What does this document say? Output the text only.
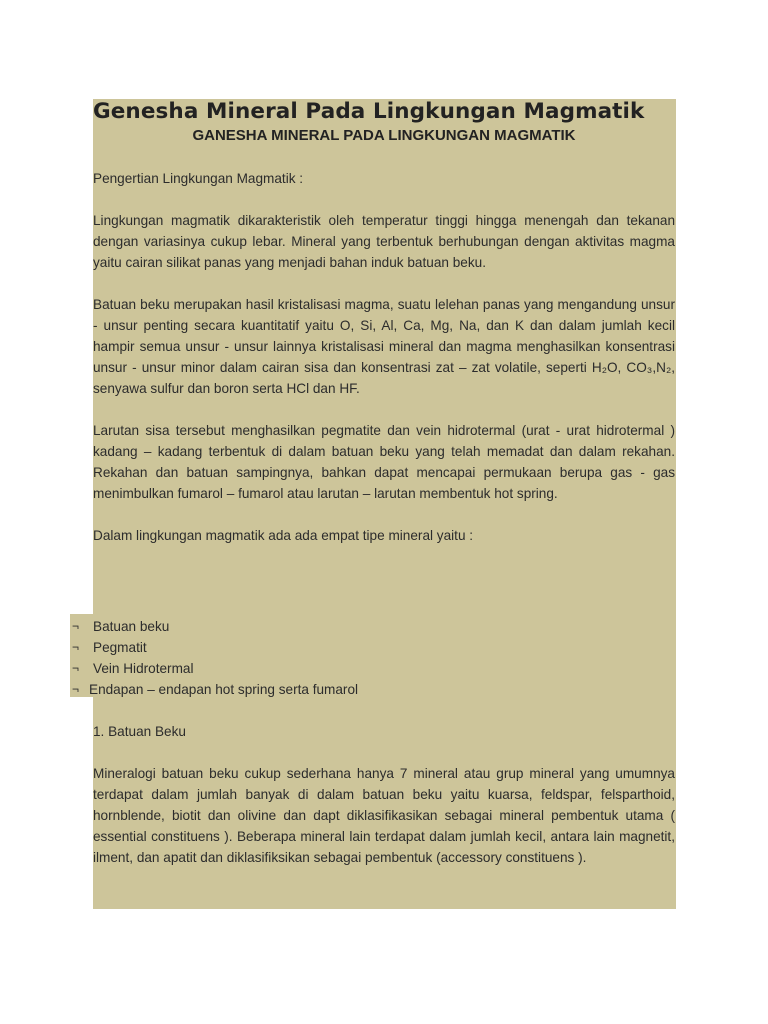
Genesha Mineral Pada Lingkungan Magmatik
GANESHA MINERAL PADA LINGKUNGAN MAGMATIK

Pengertian Lingkungan Magmatik :

Lingkungan magmatik dikarakteristik oleh temperatur tinggi hingga menengah dan tekanan dengan variasinya cukup lebar. Mineral yang terbentuk berhubungan dengan aktivitas magma yaitu cairan silikat panas yang menjadi bahan induk batuan beku.

Batuan beku merupakan hasil kristalisasi magma, suatu lelehan panas yang mengandung unsur - unsur penting secara kuantitatif yaitu O, Si, Al, Ca, Mg, Na, dan K dan dalam jumlah kecil hampir semua unsur - unsur lainnya kristalisasi mineral dan magma menghasilkan konsentrasi unsur - unsur minor dalam cairan sisa dan konsentrasi zat – zat volatile, seperti H₂O, CO₃,N₂, senyawa sulfur dan boron serta HCl dan HF.

Larutan sisa tersebut menghasilkan pegmatite dan vein hidrotermal (urat - urat hidrotermal ) kadang – kadang terbentuk di dalam batuan beku yang telah memadat dan dalam rekahan. Rekahan dan batuan sampingnya, bahkan dapat mencapai permukaan berupa gas - gas menimbulkan fumarol – fumarol atau larutan – larutan membentuk hot spring.

Dalam lingkungan magmatik ada ada empat tipe mineral yaitu :

¬ Batuan beku
¬ Pegmatit
¬ Vein Hidrotermal
¬ Endapan – endapan hot spring serta fumarol

1. Batuan Beku

Mineralogi batuan beku cukup sederhana hanya 7 mineral atau grup mineral yang umumnya terdapat dalam jumlah banyak di dalam batuan beku yaitu kuarsa, feldspar, felsparthoid, hornblende, biotit dan olivine dan dapt diklasifikasikan sebagai mineral pembentuk utama ( essential constituens ). Beberapa mineral lain terdapat dalam jumlah kecil, antara lain magnetit, ilment, dan apatit dan diklasifiksikan sebagai pembentuk (accessory constituens ).
